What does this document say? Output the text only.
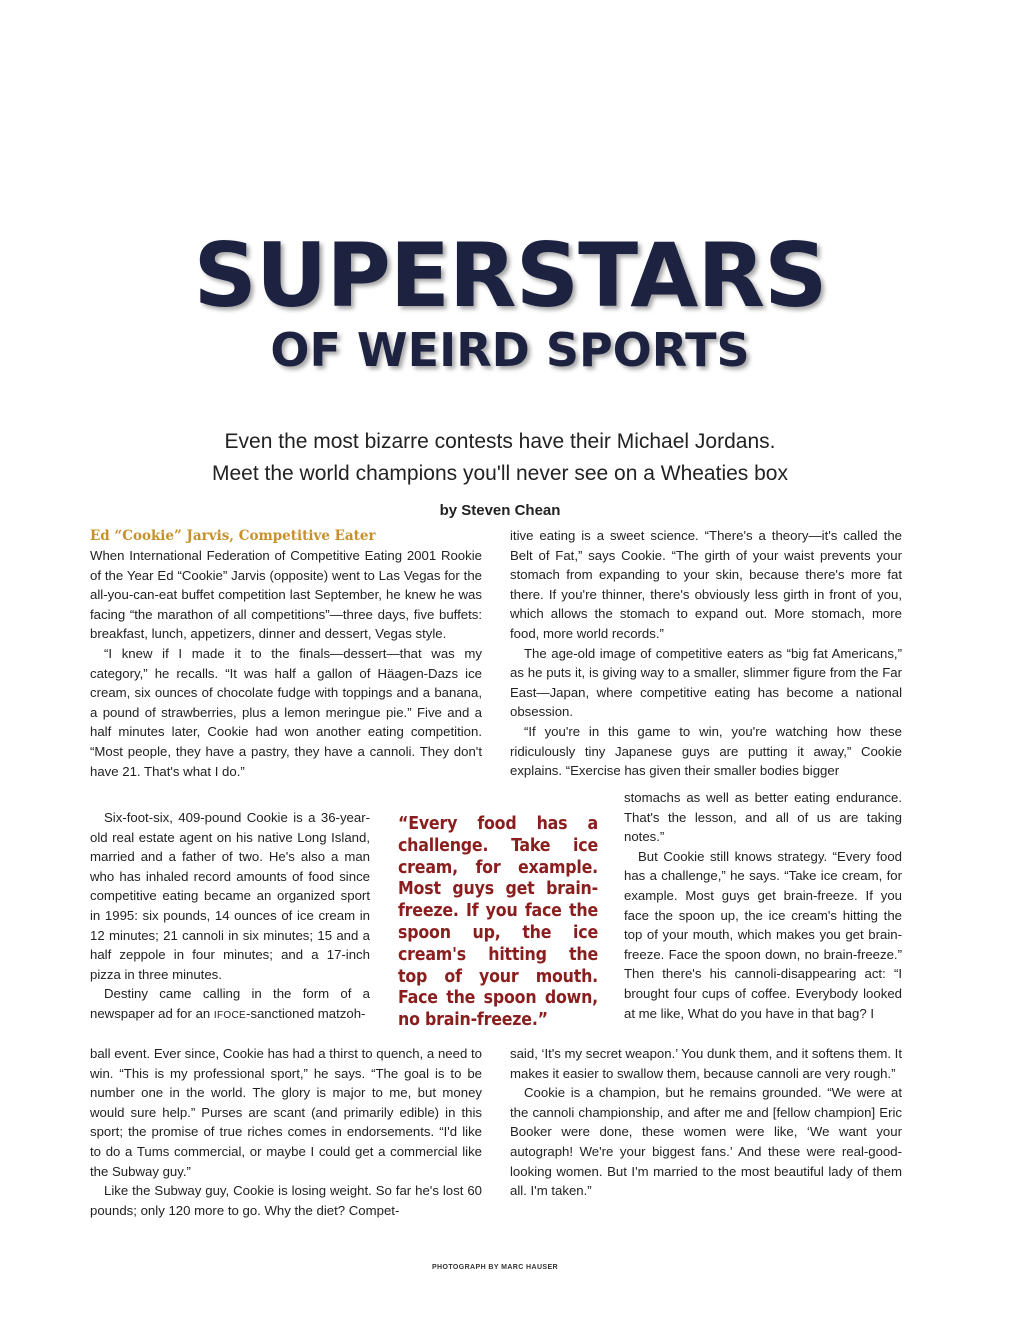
SUPERSTARS
OF WEIRD SPORTS
Even the most bizarre contests have their Michael Jordans.
Meet the world champions you'll never see on a Wheaties box
by Steven Chean

Ed “Cookie” Jarvis, Competitive Eater

When International Federation of Competitive Eating 2001 Rookie of the Year Ed “Cookie” Jarvis (opposite) went to Las Vegas for the all-you-can-eat buffet competition last September, he knew he was facing “the marathon of all competitions”—three days, five buffets: breakfast, lunch, appetizers, dinner and dessert, Vegas style.

“I knew if I made it to the finals—dessert—that was my category,” he recalls. “It was half a gallon of Häagen-Dazs ice cream, six ounces of chocolate fudge with toppings and a banana, a pound of strawberries, plus a lemon meringue pie.” Five and a half minutes later, Cookie had won another eating competition. “Most people, they have a pastry, they have a cannoli. They don't have 21. That's what I do.”

Six-foot-six, 409-pound Cookie is a 36-year-old real estate agent on his native Long Island, married and a father of two. He's also a man who has inhaled record amounts of food since competitive eating became an organized sport in 1995: six pounds, 14 ounces of ice cream in 12 minutes; 21 cannoli in six minutes; 15 and a half zeppole in four minutes; and a 17-inch pizza in three minutes.

Destiny came calling in the form of a newspaper ad for an IFOCE-sanctioned matzoh-

ball event. Ever since, Cookie has had a thirst to quench, a need to win. “This is my professional sport,” he says. “The goal is to be number one in the world. The glory is major to me, but money would sure help.” Purses are scant (and primarily edible) in this sport; the promise of true riches comes in endorsements. “I'd like to do a Tums commercial, or maybe I could get a commercial like the Subway guy.”

Like the Subway guy, Cookie is losing weight. So far he's lost 60 pounds; only 120 more to go. Why the diet? Compet-

“Every food has a challenge. Take ice cream, for example. Most guys get brain-freeze. If you face the spoon up, the ice cream's hitting the top of your mouth. Face the spoon down, no brain-freeze.”

itive eating is a sweet science. “There's a theory—it's called the Belt of Fat,” says Cookie. “The girth of your waist prevents your stomach from expanding to your skin, because there's more fat there. If you're thinner, there's obviously less girth in front of you, which allows the stomach to expand out. More stomach, more food, more world records.”

The age-old image of competitive eaters as “big fat Americans,” as he puts it, is giving way to a smaller, slimmer figure from the Far East—Japan, where competitive eating has become a national obsession.

“If you're in this game to win, you're watching how these ridiculously tiny Japanese guys are putting it away,” Cookie explains. “Exercise has given their smaller bodies bigger

stomachs as well as better eating endurance. That's the lesson, and all of us are taking notes.”

But Cookie still knows strategy. “Every food has a challenge,” he says. “Take ice cream, for example. Most guys get brain-freeze. If you face the spoon up, the ice cream's hitting the top of your mouth, which makes you get brain-freeze. Face the spoon down, no brain-freeze.” Then there's his cannoli-disappearing act: “I brought four cups of coffee. Everybody looked at me like, What do you have in that bag? I

said, ‘It's my secret weapon.’ You dunk them, and it softens them. It makes it easier to swallow them, because cannoli are very rough.”

Cookie is a champion, but he remains grounded. “We were at the cannoli championship, and after me and [fellow champion] Eric Booker were done, these women were like, ‘We want your autograph! We're your biggest fans.’ And these were real-good-looking women. But I'm married to the most beautiful lady of them all. I'm taken.”

PHOTOGRAPH BY MARC HAUSER
